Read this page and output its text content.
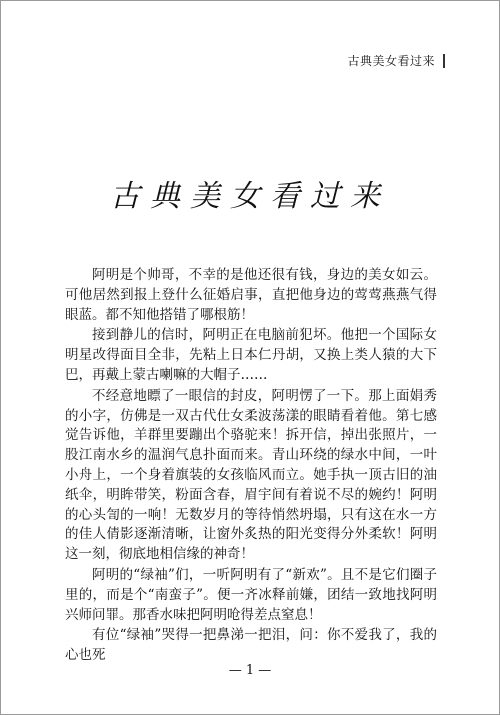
古典美女看过来
古典美女看过来

阿明是个帅哥，不幸的是他还很有钱，身边的美女如云。可他居然到报上登什么征婚启事，直把他身边的莺莺燕燕气得眼蓝。都不知他搭错了哪根筋！

接到静儿的信时，阿明正在电脑前犯坏。他把一个国际女明星改得面目全非，先粘上日本仁丹胡，又换上类人猿的大下巴，再戴上蒙古喇嘛的大帽子……

不经意地瞟了一眼信的封皮，阿明愣了一下。那上面娟秀的小字，仿佛是一双古代仕女柔波荡漾的眼睛看着他。第七感觉告诉他，羊群里要蹦出个骆驼来！拆开信，掉出张照片，一股江南水乡的温润气息扑面而来。青山环绕的绿水中间，一叶小舟上，一个身着旗装的女孩临风而立。她手执一顶古旧的油纸伞，明眸带笑，粉面含春，眉宇间有着说不尽的婉约！阿明的心头訇的一响！无数岁月的等待悄然坍塌，只有这在水一方的佳人倩影逐渐清晰，让窗外炙热的阳光变得分外柔软！阿明这一刻，彻底地相信缘的神奇！

阿明的“绿袖”们，一听阿明有了“新欢”。且不是它们圈子里的，而是个“南蛮子”。便一齐冰释前嫌，团结一致地找阿明兴师问罪。那香水味把阿明呛得差点窒息！

有位“绿袖”哭得一把鼻涕一把泪，问：你不爱我了，我的心也死

— 1 —
